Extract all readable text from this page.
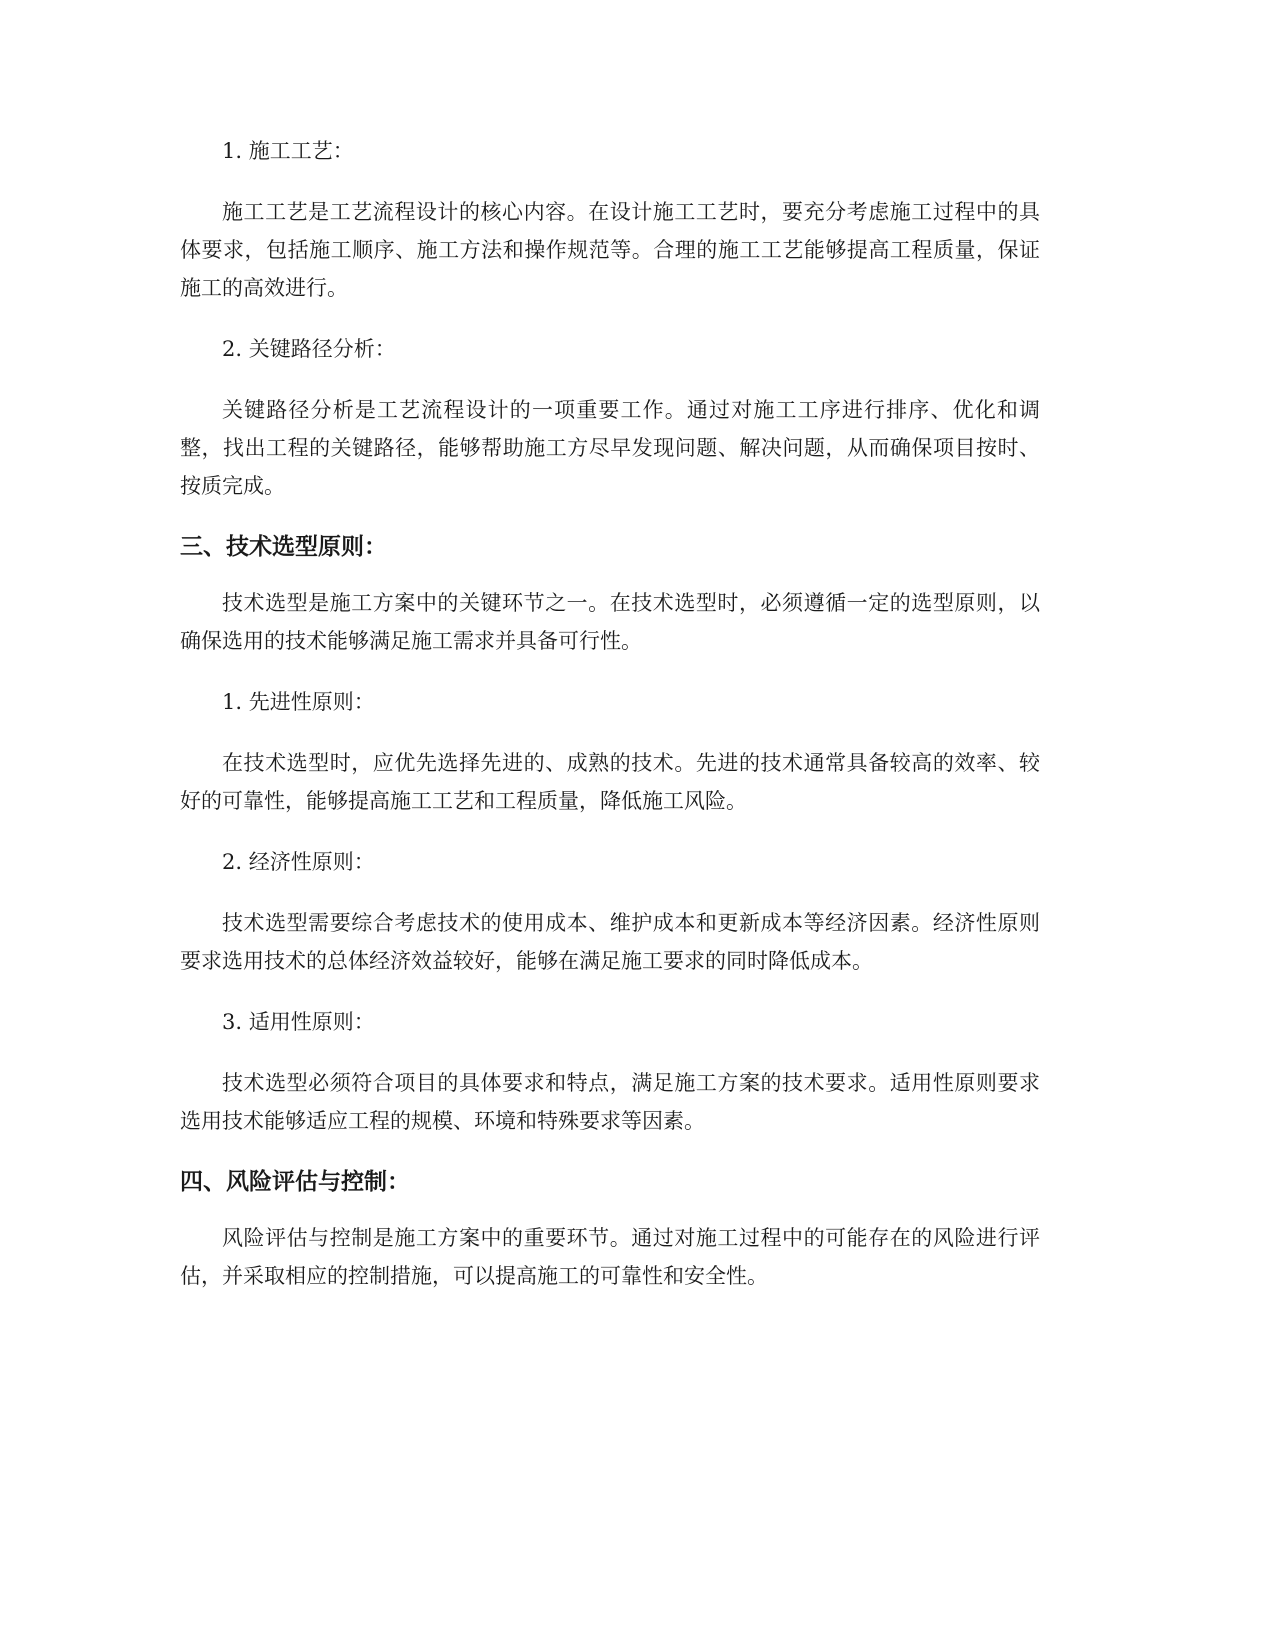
1. 施工工艺：

施工工艺是工艺流程设计的核心内容。在设计施工工艺时，要充分考虑施工过程中的具体要求，包括施工顺序、施工方法和操作规范等。合理的施工工艺能够提高工程质量，保证施工的高效进行。

2. 关键路径分析：

关键路径分析是工艺流程设计的一项重要工作。通过对施工工序进行排序、优化和调整，找出工程的关键路径，能够帮助施工方尽早发现问题、解决问题，从而确保项目按时、按质完成。

三、技术选型原则：

技术选型是施工方案中的关键环节之一。在技术选型时，必须遵循一定的选型原则，以确保选用的技术能够满足施工需求并具备可行性。

1. 先进性原则：

在技术选型时，应优先选择先进的、成熟的技术。先进的技术通常具备较高的效率、较好的可靠性，能够提高施工工艺和工程质量，降低施工风险。

2. 经济性原则：

技术选型需要综合考虑技术的使用成本、维护成本和更新成本等经济因素。经济性原则要求选用技术的总体经济效益较好，能够在满足施工要求的同时降低成本。

3. 适用性原则：

技术选型必须符合项目的具体要求和特点，满足施工方案的技术要求。适用性原则要求选用技术能够适应工程的规模、环境和特殊要求等因素。

四、风险评估与控制：

风险评估与控制是施工方案中的重要环节。通过对施工过程中的可能存在的风险进行评估，并采取相应的控制措施，可以提高施工的可靠性和安全性。
